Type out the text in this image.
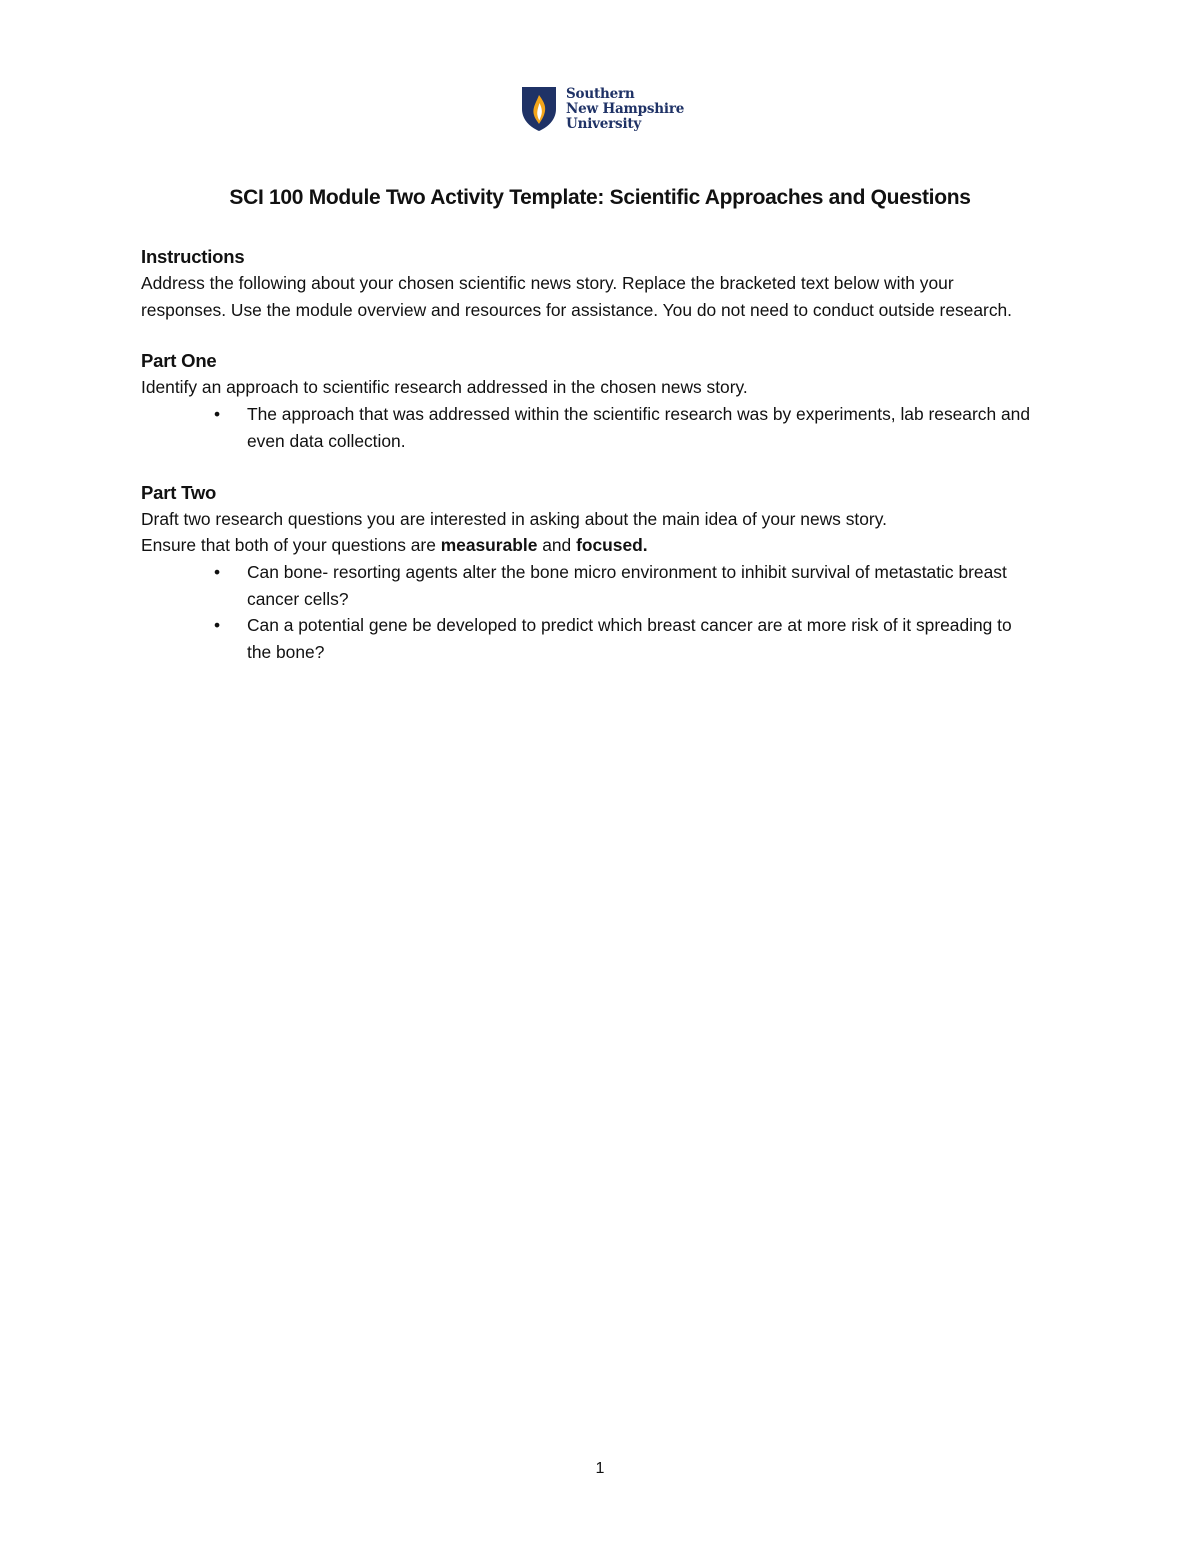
Southern
New Hampshire
University
SCI 100 Module Two Activity Template: Scientific Approaches and Questions
Instructions

Address the following about your chosen scientific news story. Replace the bracketed text below with your responses. Use the module overview and resources for assistance. You do not need to conduct outside research.

Part One

Identify an approach to scientific research addressed in the chosen news story.

• The approach that was addressed within the scientific research was by experiments, lab research and even data collection.
Part Two

Draft two research questions you are interested in asking about the main idea of your news story.

Ensure that both of your questions are measurable and focused.

• Can bone- resorting agents alter the bone micro environment to inhibit survival of metastatic breast cancer cells?
• Can a potential gene be developed to predict which breast cancer are at more risk of it spreading to the bone?
1
